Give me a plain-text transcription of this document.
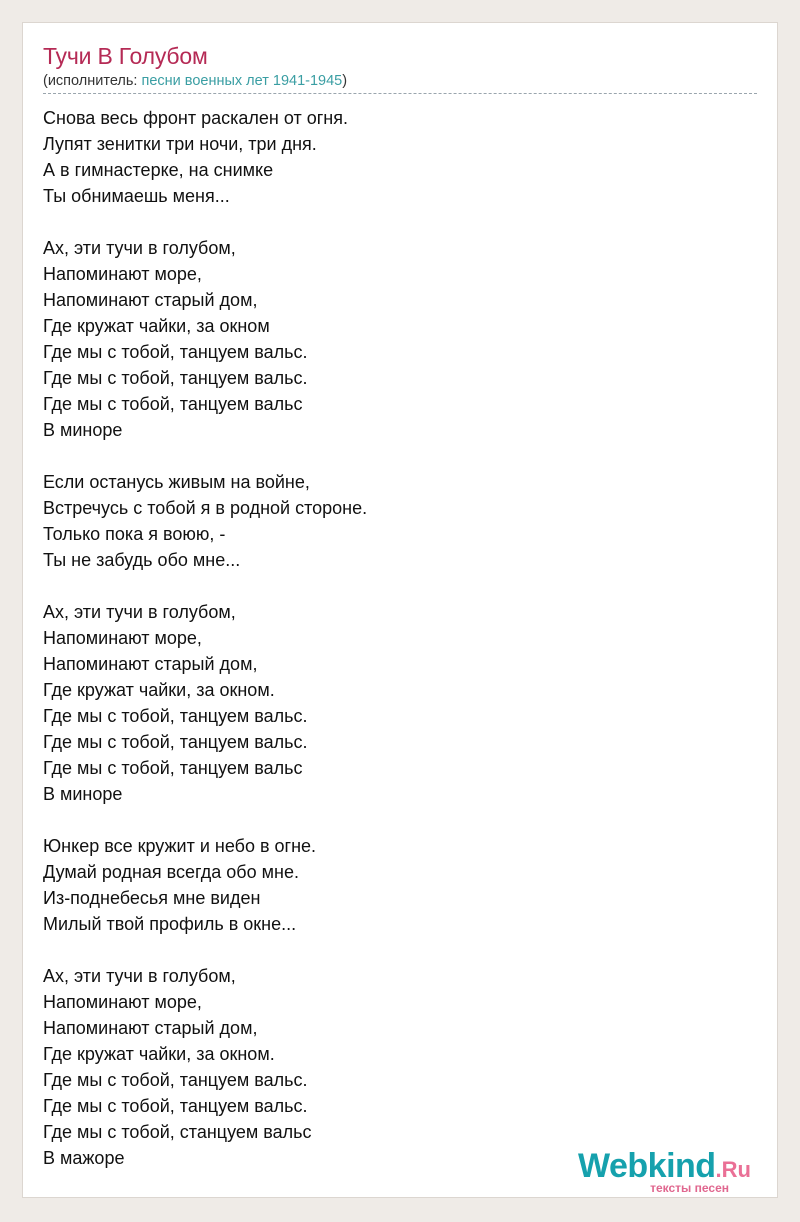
Тучи В Голубом
(исполнитель: песни военных лет 1941-1945)
Снова весь фронт раскален от огня.
Лупят зенитки три ночи, три дня.
А в гимнастерке, на снимке
Ты обнимаешь меня...
Ах, эти тучи в голубом,
Напоминают море,
Напоминают старый дом,
Где кружат чайки, за окном
Где мы с тобой, танцуем вальс.
Где мы с тобой, танцуем вальс.
Где мы с тобой, танцуем вальс
В миноре
Если останусь живым на войне,
Встречусь с тобой я в родной стороне.
Только пока я воюю, -
Ты не забудь обо мне...
Ах, эти тучи в голубом,
Напоминают море,
Напоминают старый дом,
Где кружат чайки, за окном.
Где мы с тобой, танцуем вальс.
Где мы с тобой, танцуем вальс.
Где мы с тобой, танцуем вальс
В миноре
Юнкер все кружит и небо в огне.
Думай родная всегда обо мне.
Из-поднебесья мне виден
Милый твой профиль в окне...
Ах, эти тучи в голубом,
Напоминают море,
Напоминают старый дом,
Где кружат чайки, за окном.
Где мы с тобой, танцуем вальс.
Где мы с тобой, танцуем вальс.
Где мы с тобой, станцуем вальс
В мажоре	Webkind.Ru
тексты песен
